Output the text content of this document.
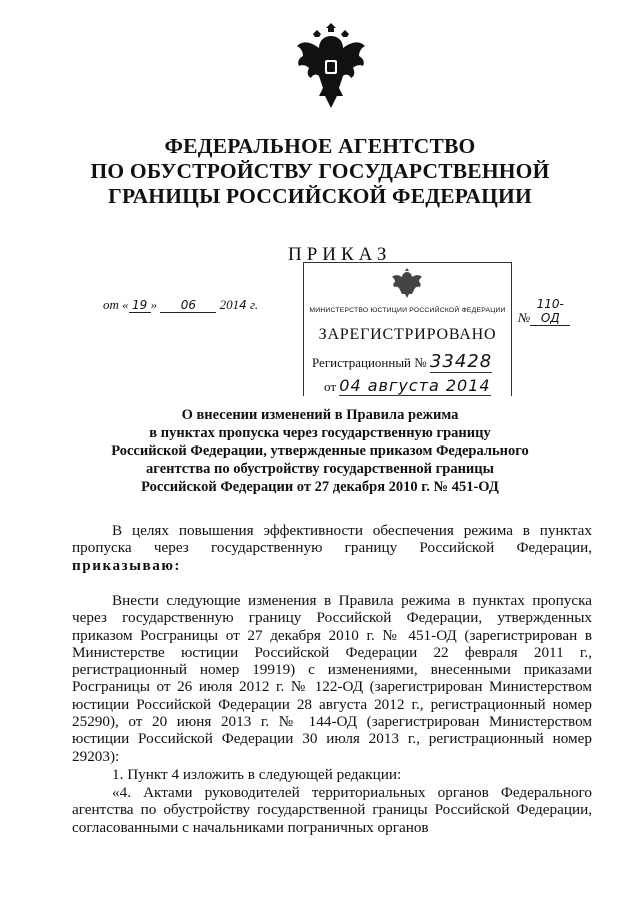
ФЕДЕРАЛЬНОЕ АГЕНТСТВО
ПО ОБУСТРОЙСТВУ ГОСУДАРСТВЕННОЙ
ГРАНИЦЫ РОССИЙСКОЙ ФЕДЕРАЦИИ
ПРИКАЗ
от « 19 » 06 2014 г.
№110-ОД
МИНИСТЕРСТВО ЮСТИЦИИ РОССИЙСКОЙ ФЕДЕРАЦИИ
ЗАРЕГИСТРИРОВАНО
Регистрационный № 33428
от 04 августа 2014
О внесении изменений в Правила режима
в пунктах пропуска через государственную границу
Российской Федерации, утвержденные приказом Федерального
агентства по обустройству государственной границы
Российской Федерации от 27 декабря 2010 г. № 451-ОД
В целях повышения эффективности обеспечения режима в пунктах пропуска через государственную границу Российской Федерации, приказываю:
Внести следующие изменения в Правила режима в пунктах пропуска через государственную границу Российской Федерации, утвержденных приказом Росграницы от 27 декабря 2010 г. № 451-ОД (зарегистрирован в Министерстве юстиции Российской Федерации 22 февраля 2011 г., регистрационный номер 19919) с изменениями, внесенными приказами Росграницы от 26 июля 2012 г. № 122-ОД (зарегистрирован Министерством юстиции Российской Федерации 28 августа 2012 г., регистрационный номер 25290), от 20 июня 2013 г. № 144-ОД (зарегистрирован Министерством юстиции Российской Федерации 30 июля 2013 г., регистрационный номер 29203):
1. Пункт 4 изложить в следующей редакции:
«4. Актами руководителей территориальных органов Федерального агентства по обустройству государственной границы Российской Федерации, согласованными с начальниками пограничных органов
